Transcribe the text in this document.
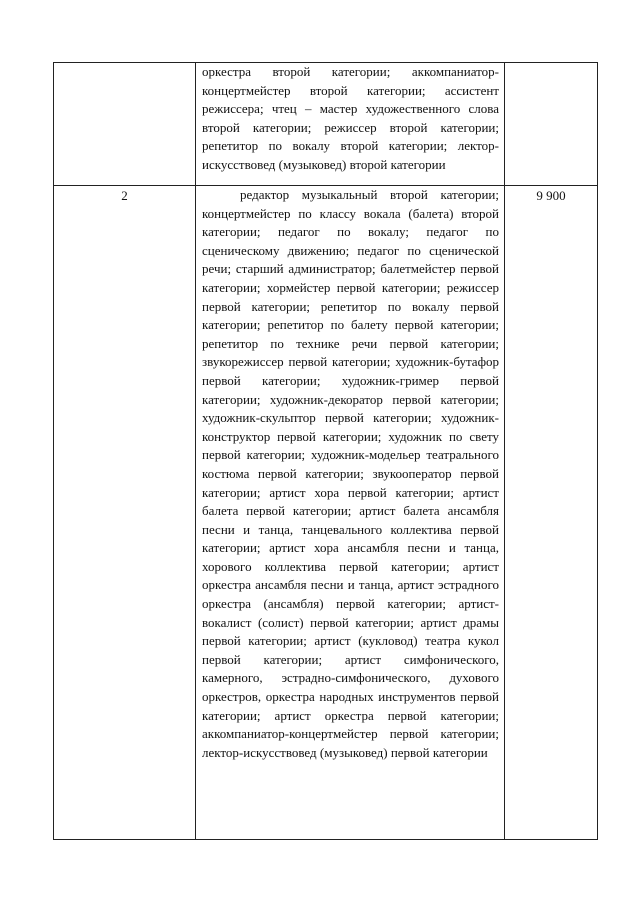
	оркестра второй категории; аккомпаниатор-концертмейстер второй категории; ассистент режиссера; чтец – мастер художественного слова второй категории; режиссер второй категории; репетитор по вокалу второй категории; лектор-искусствовед (музыковед) второй категории	

2	редактор музыкальный второй категории; концертмейстер по классу вокала (балета) второй категории; педагог по вокалу; педагог по сценическому движению; педагог по сценической речи; старший администратор; балетмейстер первой категории; хормейстер первой категории; режиссер первой категории; репетитор по вокалу первой категории; репетитор по балету первой категории; репетитор по технике речи первой категории; звукорежиссер первой категории; художник-бутафор первой категории; художник-гример первой категории; художник-декоратор первой категории; художник-скульптор первой категории; художник-конструктор первой категории; художник по свету первой категории; художник-модельер театрального костюма первой категории; звукооператор первой категории; артист хора первой категории; артист балета первой категории; артист балета ансамбля песни и танца, танцевального коллектива первой категории; артист хора ансамбля песни и танца, хорового коллектива первой категории; артист оркестра ансамбля песни и танца, артист эстрадного оркестра (ансамбля) первой категории; артист-вокалист (солист) первой категории; артист драмы первой категории; артист (кукловод) театра кукол первой категории; артист симфонического, камерного, эстрадно-симфонического, духового оркестров, оркестра народных инструментов первой категории; артист оркестра первой категории; аккомпаниатор-концертмейстер первой категории; лектор-искусствовед (музыковед) первой категории	9 900
